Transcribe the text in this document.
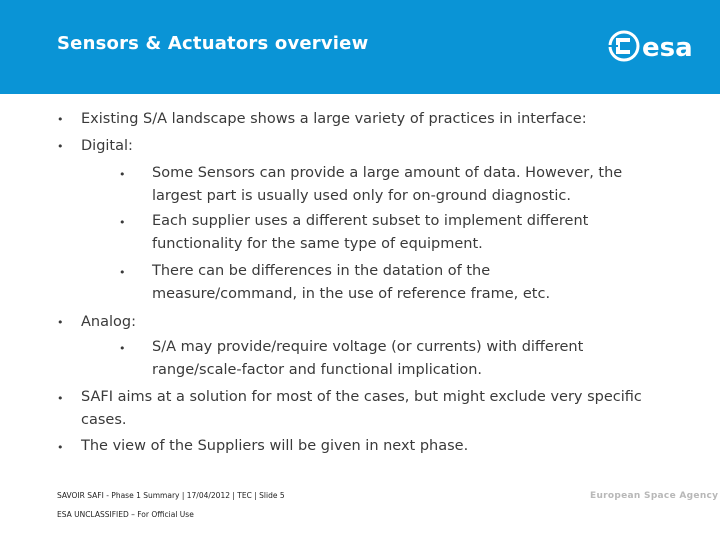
Sensors & Actuators overview	esa
• Existing S/A landscape shows a large variety of practices in interface:
• Digital:
• Some Sensors can provide a large amount of data. However, the largest part is usually used only for on-ground diagnostic.
• Each supplier uses a different subset to implement different functionality for the same type of equipment.
• There can be differences in the datation of the measure/command, in the use of reference frame, etc.
• Analog:
• S/A may provide/require voltage (or currents) with different range/scale-factor and functional implication.
• SAFI aims at a solution for most of the cases, but might exclude very specific cases.
• The view of the Suppliers will be given in next phase.
SAVOIR SAFI - Phase 1 Summary | 17/04/2012 | TEC | Slide 5
ESA UNCLASSIFIED – For Official Use
European Space Agency
